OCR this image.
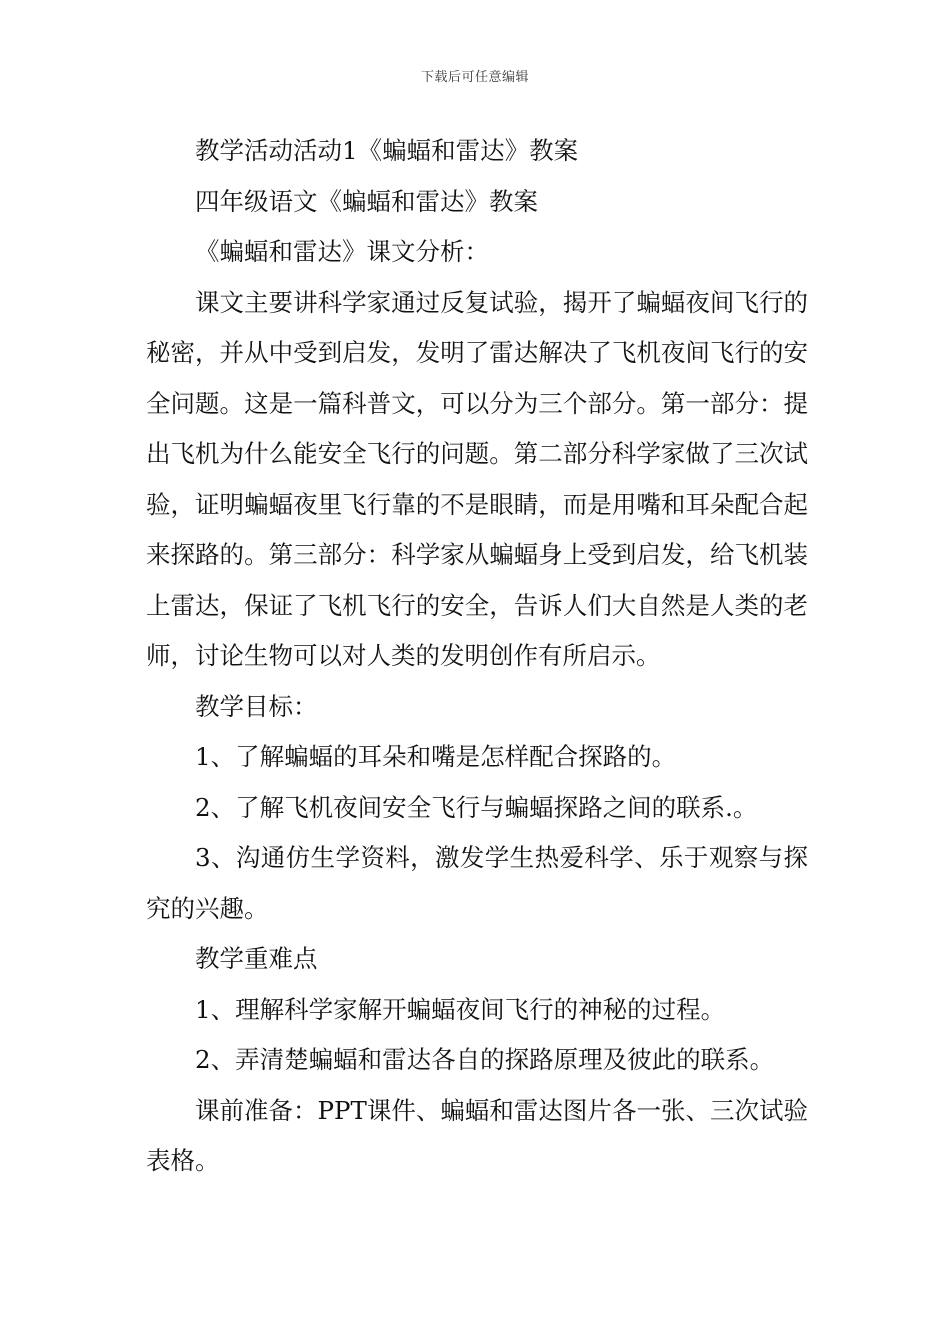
下载后可任意编辑

教学活动活动1《蝙蝠和雷达》教案

四年级语文《蝙蝠和雷达》教案

《蝙蝠和雷达》课文分析：

课文主要讲科学家通过反复试验，揭开了蝙蝠夜间飞行的秘密，并从中受到启发，发明了雷达解决了飞机夜间飞行的安全问题。这是一篇科普文，可以分为三个部分。第一部分：提出飞机为什么能安全飞行的问题。第二部分科学家做了三次试验，证明蝙蝠夜里飞行靠的不是眼睛，而是用嘴和耳朵配合起来探路的。第三部分：科学家从蝙蝠身上受到启发，给飞机装上雷达，保证了飞机飞行的安全，告诉人们大自然是人类的老师，讨论生物可以对人类的发明创作有所启示。

教学目标：

1、了解蝙蝠的耳朵和嘴是怎样配合探路的。

2、了解飞机夜间安全飞行与蝙蝠探路之间的联系.。

3、沟通仿生学资料，激发学生热爱科学、乐于观察与探究的兴趣。

教学重难点

1、理解科学家解开蝙蝠夜间飞行的神秘的过程。

2、弄清楚蝙蝠和雷达各自的探路原理及彼此的联系。

课前准备：PPT课件、蝙蝠和雷达图片各一张、三次试验表格。
